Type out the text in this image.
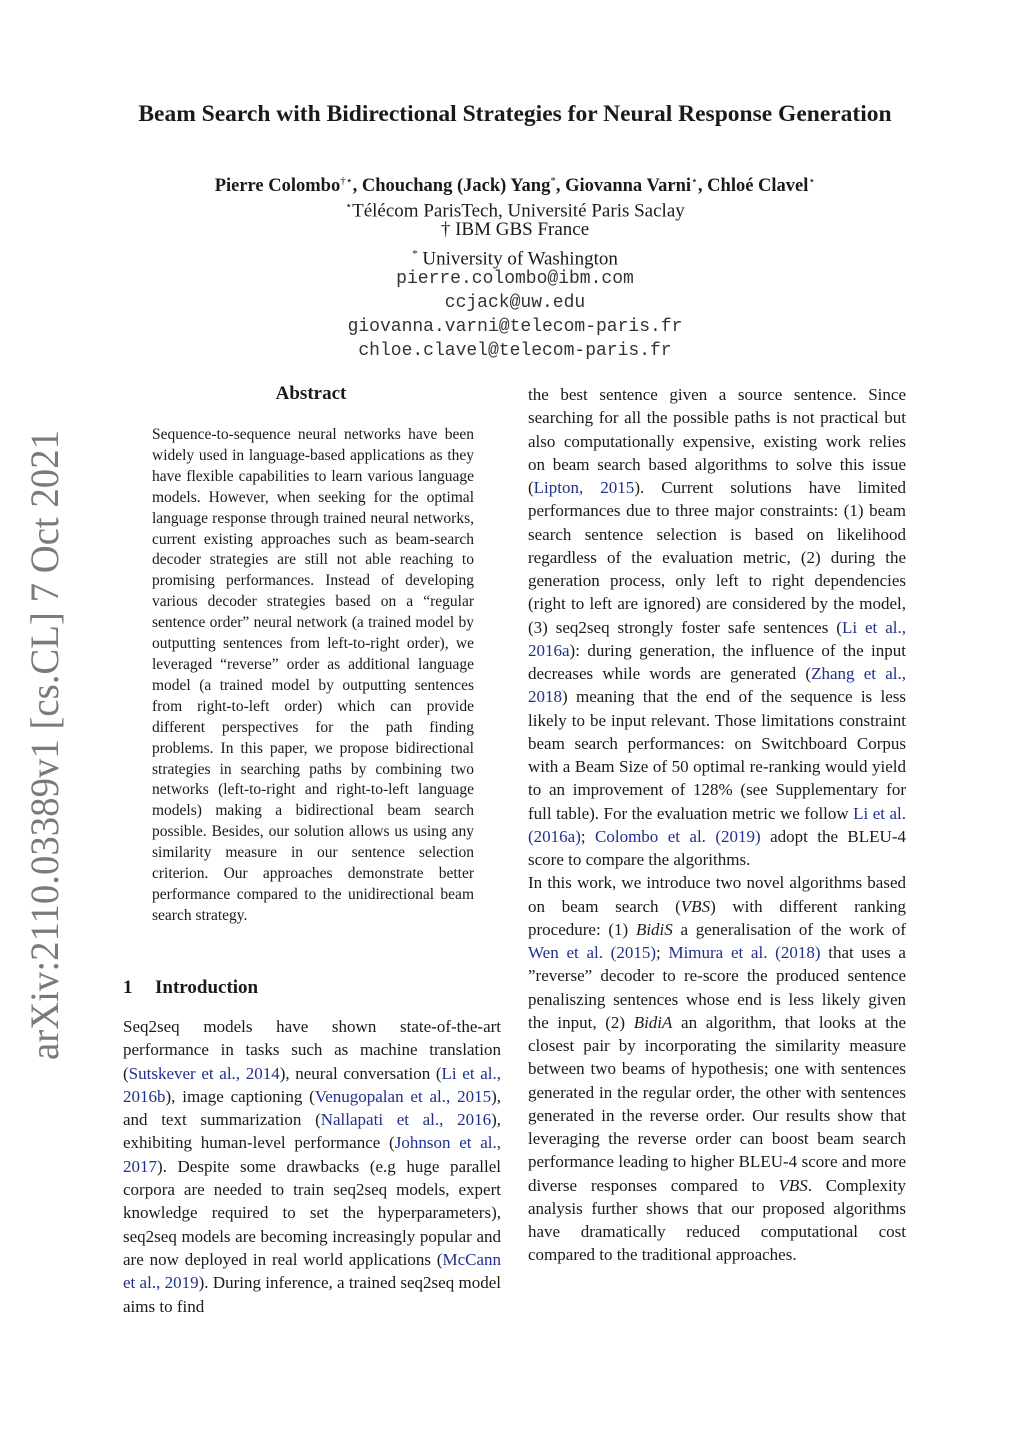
arXiv:2110.03389v1 [cs.CL] 7 Oct 2021
Beam Search with Bidirectional Strategies for Neural Response Generation
Pierre Colombo†⋆, Chouchang (Jack) Yang*, Giovanna Varni⋆, Chloé Clavel⋆
⋆Télécom ParisTech, Université Paris Saclay
† IBM GBS France
* University of Washington
pierre.colombo@ibm.com
ccjack@uw.edu
giovanna.varni@telecom-paris.fr
chloe.clavel@telecom-paris.fr
Abstract

Sequence-to-sequence neural networks have been widely used in language-based applications as they have flexible capabilities to learn various language models. However, when seeking for the optimal language response through trained neural networks, current existing approaches such as beam-search decoder strategies are still not able reaching to promising performances. Instead of developing various decoder strategies based on a “regular sentence order” neural network (a trained model by outputting sentences from left-to-right order), we leveraged “reverse” order as additional language model (a trained model by outputting sentences from right-to-left order) which can provide different perspectives for the path finding problems. In this paper, we propose bidirectional strategies in searching paths by combining two networks (left-to-right and right-to-left language models) making a bidirectional beam search possible. Besides, our solution allows us using any similarity measure in our sentence selection criterion. Our approaches demonstrate better performance compared to the unidirectional beam search strategy.

1 Introduction

Seq2seq models have shown state-of-the-art performance in tasks such as machine translation (Sutskever et al., 2014), neural conversation (Li et al., 2016b), image captioning (Venugopalan et al., 2015), and text summarization (Nallapati et al., 2016), exhibiting human-level performance (Johnson et al., 2017). Despite some drawbacks (e.g huge parallel corpora are needed to train seq2seq models, expert knowledge required to set the hyperparameters), seq2seq models are becoming increasingly popular and are now deployed in real world applications (McCann et al., 2019). During inference, a trained seq2seq model aims to find

the best sentence given a source sentence. Since searching for all the possible paths is not practical but also computationally expensive, existing work relies on beam search based algorithms to solve this issue (Lipton, 2015). Current solutions have limited performances due to three major constraints: (1) beam search sentence selection is based on likelihood regardless of the evaluation metric, (2) during the generation process, only left to right dependencies (right to left are ignored) are considered by the model, (3) seq2seq strongly foster safe sentences (Li et al., 2016a): during generation, the influence of the input decreases while words are generated (Zhang et al., 2018) meaning that the end of the sequence is less likely to be input relevant. Those limitations constraint beam search performances: on Switchboard Corpus with a Beam Size of 50 optimal re-ranking would yield to an improvement of 128% (see Supplementary for full table). For the evaluation metric we follow Li et al. (2016a); Colombo et al. (2019) adopt the BLEU-4 score to compare the algorithms.

In this work, we introduce two novel algorithms based on beam search (VBS) with different ranking procedure: (1) BidiS a generalisation of the work of Wen et al. (2015); Mimura et al. (2018) that uses a ”reverse” decoder to re-score the produced sentence penaliszing sentences whose end is less likely given the input, (2) BidiA an algorithm, that looks at the closest pair by incorporating the similarity measure between two beams of hypothesis; one with sentences generated in the regular order, the other with sentences generated in the reverse order. Our results show that leveraging the reverse order can boost beam search performance leading to higher BLEU-4 score and more diverse responses compared to VBS. Complexity analysis further shows that our proposed algorithms have dramatically reduced computational cost compared to the traditional approaches.
